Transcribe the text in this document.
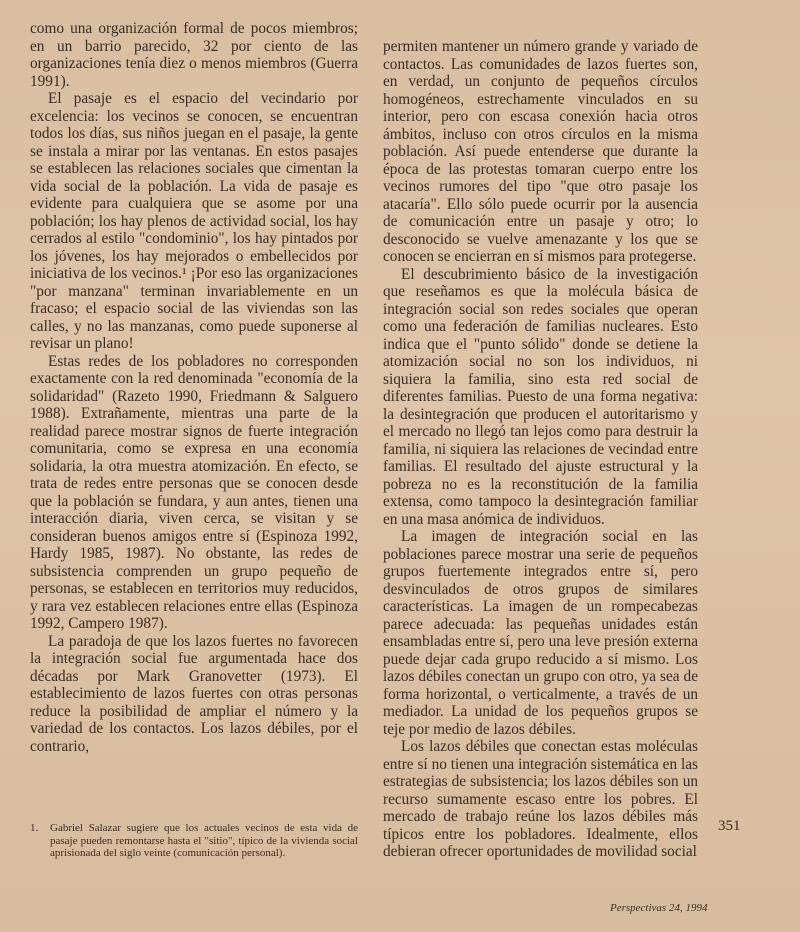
como una organización formal de pocos miembros; en un barrio parecido, 32 por ciento de las organizaciones tenía diez o menos miembros (Guerra 1991).

El pasaje es el espacio del vecindario por excelencia: los vecinos se conocen, se encuentran todos los días, sus niños juegan en el pasaje, la gente se instala a mirar por las ventanas. En estos pasajes se establecen las relaciones sociales que cimentan la vida social de la población. La vida de pasaje es evidente para cualquiera que se asome por una población; los hay plenos de actividad social, los hay cerrados al estilo "condominio", los hay pintados por los jóvenes, los hay mejorados o embellecidos por iniciativa de los vecinos.¹ ¡Por eso las organizaciones "por manzana" terminan invariablemente en un fracaso; el espacio social de las viviendas son las calles, y no las manzanas, como puede suponerse al revisar un plano!

Estas redes de los pobladores no corresponden exactamente con la red denominada "economía de la solidaridad" (Razeto 1990, Friedmann & Salguero 1988). Extrañamente, mientras una parte de la realidad parece mostrar signos de fuerte integración comunitaria, como se expresa en una economía solidaria, la otra muestra atomización. En efecto, se trata de redes entre personas que se conocen desde que la población se fundara, y aun antes, tienen una interacción diaria, viven cerca, se visitan y se consideran buenos amigos entre sí (Espinoza 1992, Hardy 1985, 1987). No obstante, las redes de subsistencia comprenden un grupo pequeño de personas, se establecen en territorios muy reducidos, y rara vez establecen relaciones entre ellas (Espinoza 1992, Campero 1987).

La paradoja de que los lazos fuertes no favorecen la integración social fue argumentada hace dos décadas por Mark Granovetter (1973). El establecimiento de lazos fuertes con otras personas reduce la posibilidad de ampliar el número y la variedad de los contactos. Los lazos débiles, por el contrario,

permiten mantener un número grande y variado de contactos. Las comunidades de lazos fuertes son, en verdad, un conjunto de pequeños círculos homogéneos, estrechamente vinculados en su interior, pero con escasa conexión hacia otros ámbitos, incluso con otros círculos en la misma población. Así puede entenderse que durante la época de las protestas tomaran cuerpo entre los vecinos rumores del tipo "que otro pasaje los atacaría". Ello sólo puede ocurrir por la ausencia de comunicación entre un pasaje y otro; lo desconocido se vuelve amenazante y los que se conocen se encierran en sí mismos para protegerse.

El descubrimiento básico de la investigación que reseñamos es que la molécula básica de integración social son redes sociales que operan como una federación de familias nucleares. Esto indica que el "punto sólido" donde se detiene la atomización social no son los individuos, ni siquiera la familia, sino esta red social de diferentes familias. Puesto de una forma negativa: la desintegración que producen el autoritarismo y el mercado no llegó tan lejos como para destruir la familia, ni siquiera las relaciones de vecindad entre familias. El resultado del ajuste estructural y la pobreza no es la reconstitución de la familia extensa, como tampoco la desintegración familiar en una masa anómica de individuos.

La imagen de integración social en las poblaciones parece mostrar una serie de pequeños grupos fuertemente integrados entre sí, pero desvinculados de otros grupos de similares características. La imagen de un rompecabezas parece adecuada: las pequeñas unidades están ensambladas entre sí, pero una leve presión externa puede dejar cada grupo reducido a sí mismo. Los lazos débiles conectan un grupo con otro, ya sea de forma horizontal, o verticalmente, a través de un mediador. La unidad de los pequeños grupos se teje por medio de lazos débiles.

Los lazos débiles que conectan estas moléculas entre sí no tienen una integración sistemática en las estrategias de subsistencia; los lazos débiles son un recurso sumamente escaso entre los pobres. El mercado de trabajo reúne los lazos débiles más típicos entre los pobladores. Idealmente, ellos debieran ofrecer oportunidades de movilidad social

1.	Gabriel Salazar sugiere que los actuales vecinos de esta vida de pasaje pueden remontarse hasta el "sitio", típico de la vivienda social aprisionada del siglo veinte (comunicación personal).
351
Perspectivas 24, 1994
